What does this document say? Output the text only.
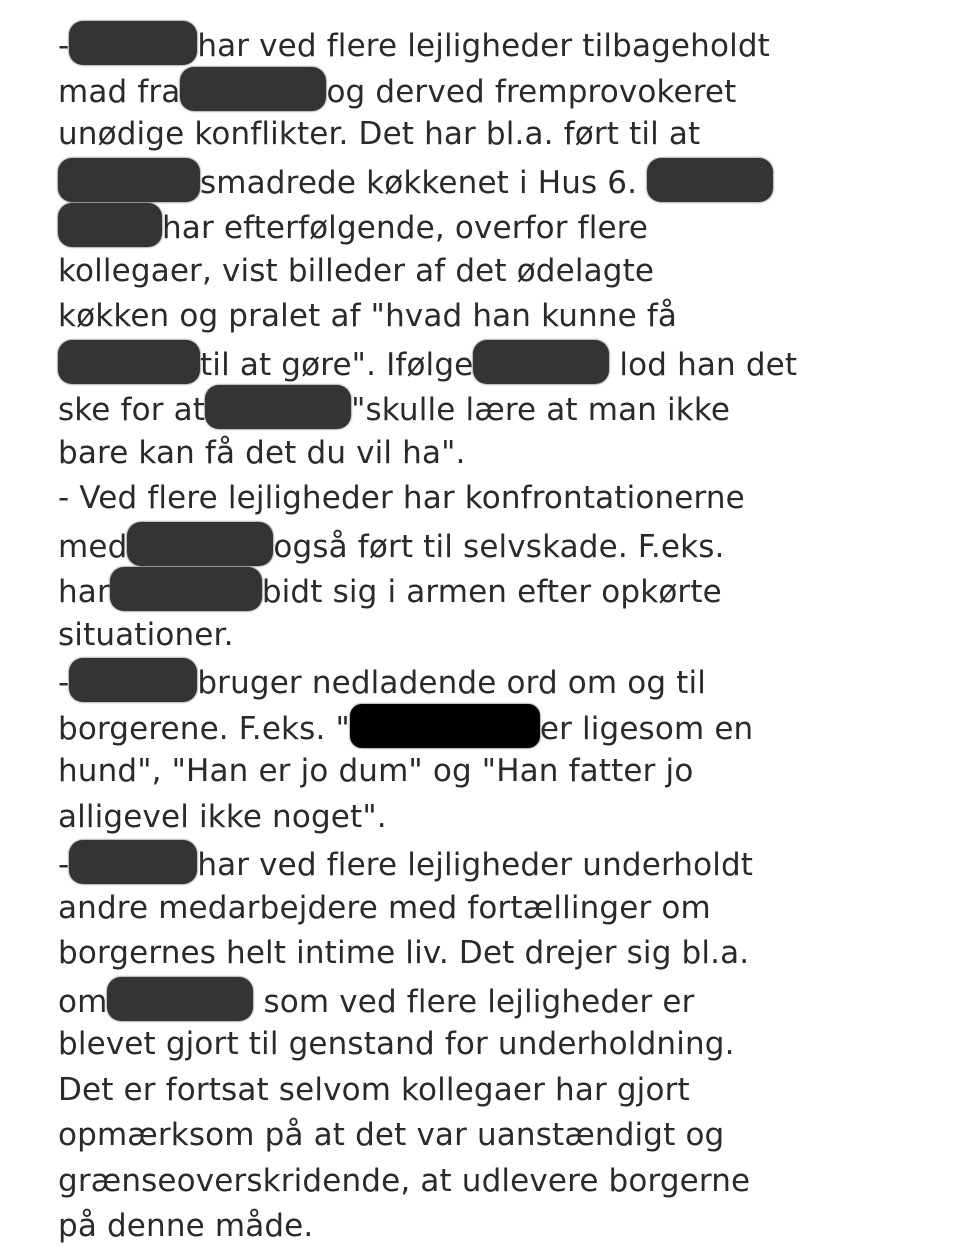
-	har ved flere lejligheder tilbageholdt
mad fra	og derved fremprovokeret
unødige konflikter. Det har bl.a. ført til at
smadrede køkkenet i Hus 6.
har efterfølgende, overfor flere
kollegaer, vist billeder af det ødelagte
køkken og pralet af "hvad han kunne få
til at gøre". Ifølge	lod han det
ske for at	"skulle lære at man ikke
bare kan få det du vil ha".
- Ved flere lejligheder har konfrontationerne
med	også ført til selvskade. F.eks.
har	bidt sig i armen efter opkørte
situationer.
-	bruger nedladende ord om og til
borgerene. F.eks. "	er ligesom en
hund", "Han er jo dum" og "Han fatter jo
alligevel ikke noget".
-	har ved flere lejligheder underholdt
andre medarbejdere med fortællinger om
borgernes helt intime liv. Det drejer sig bl.a.
om	som ved flere lejligheder er
blevet gjort til genstand for underholdning.
Det er fortsat selvom kollegaer har gjort
opmærksom på at det var uanstændigt og
grænseoverskridende, at udlevere borgerne
på denne måde.
